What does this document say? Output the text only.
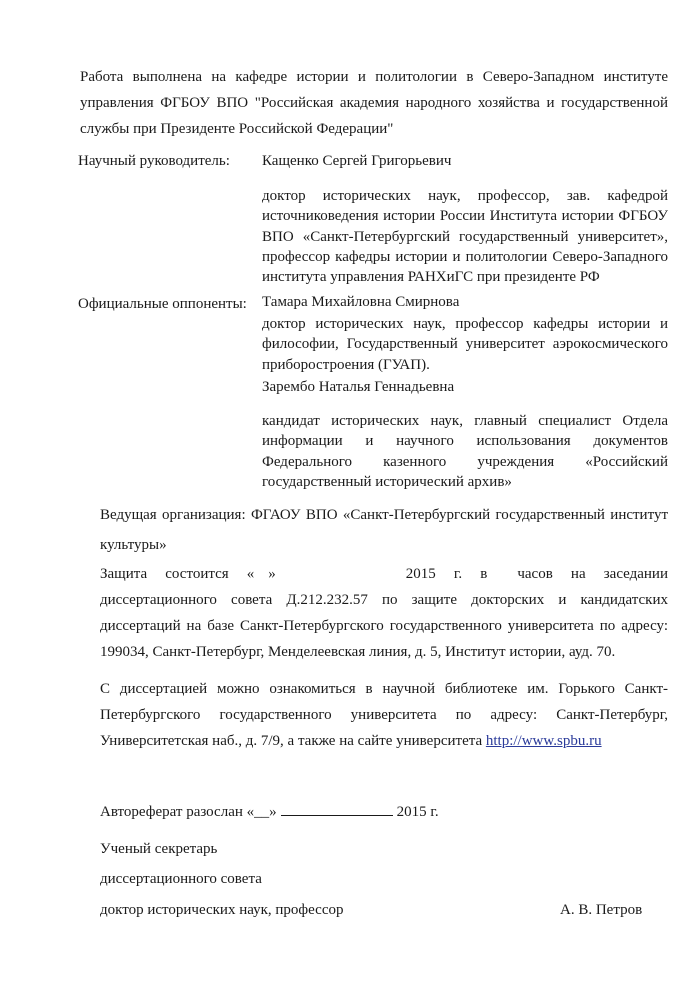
Работа выполнена на кафедре истории и политологии в Северо-Западном институте управления ФГБОУ ВПО "Российская академия народного хозяйства и государственной службы при Президенте Российской Федерации"
Научный руководитель: Кащенко Сергей Григорьевич
доктор исторических наук, профессор, зав. кафедрой источниковедения истории России Института истории ФГБОУ ВПО «Санкт-Петербургский государственный университет», профессор кафедры истории и политологии Северо-Западного института управления РАНХиГС при президенте РФ
Официальные оппоненты: Тамара Михайловна Смирнова
доктор исторических наук, профессор кафедры истории и философии, Государственный университет аэрокосмического приборостроения (ГУАП).
Зарембо Наталья Геннадьевна
кандидат исторических наук, главный специалист Отдела информации и научного использования документов Федерального казенного учреждения «Российский государственный исторический архив»
Ведущая организация: ФГАОУ ВПО «Санкт-Петербургский государственный институт культуры»
Защита состоится « »	2015 г. в часов на заседании диссертационного совета Д.212.232.57 по защите докторских и кандидатских диссертаций на базе Санкт-Петербургского государственного университета по адресу: 199034, Санкт-Петербург, Менделеевская линия, д. 5, Институт истории, ауд. 70.
С диссертацией можно ознакомиться в научной библиотеке им. Горького Санкт-Петербургского государственного университета по адресу: Санкт-Петербург, Университетская наб., д. 7/9, а также на сайте университета http://www.spbu.ru
Автореферат разослан «__»	2015 г.
Ученый секретарь
диссертационного совета
доктор исторических наук, профессор	А. В. Петров
